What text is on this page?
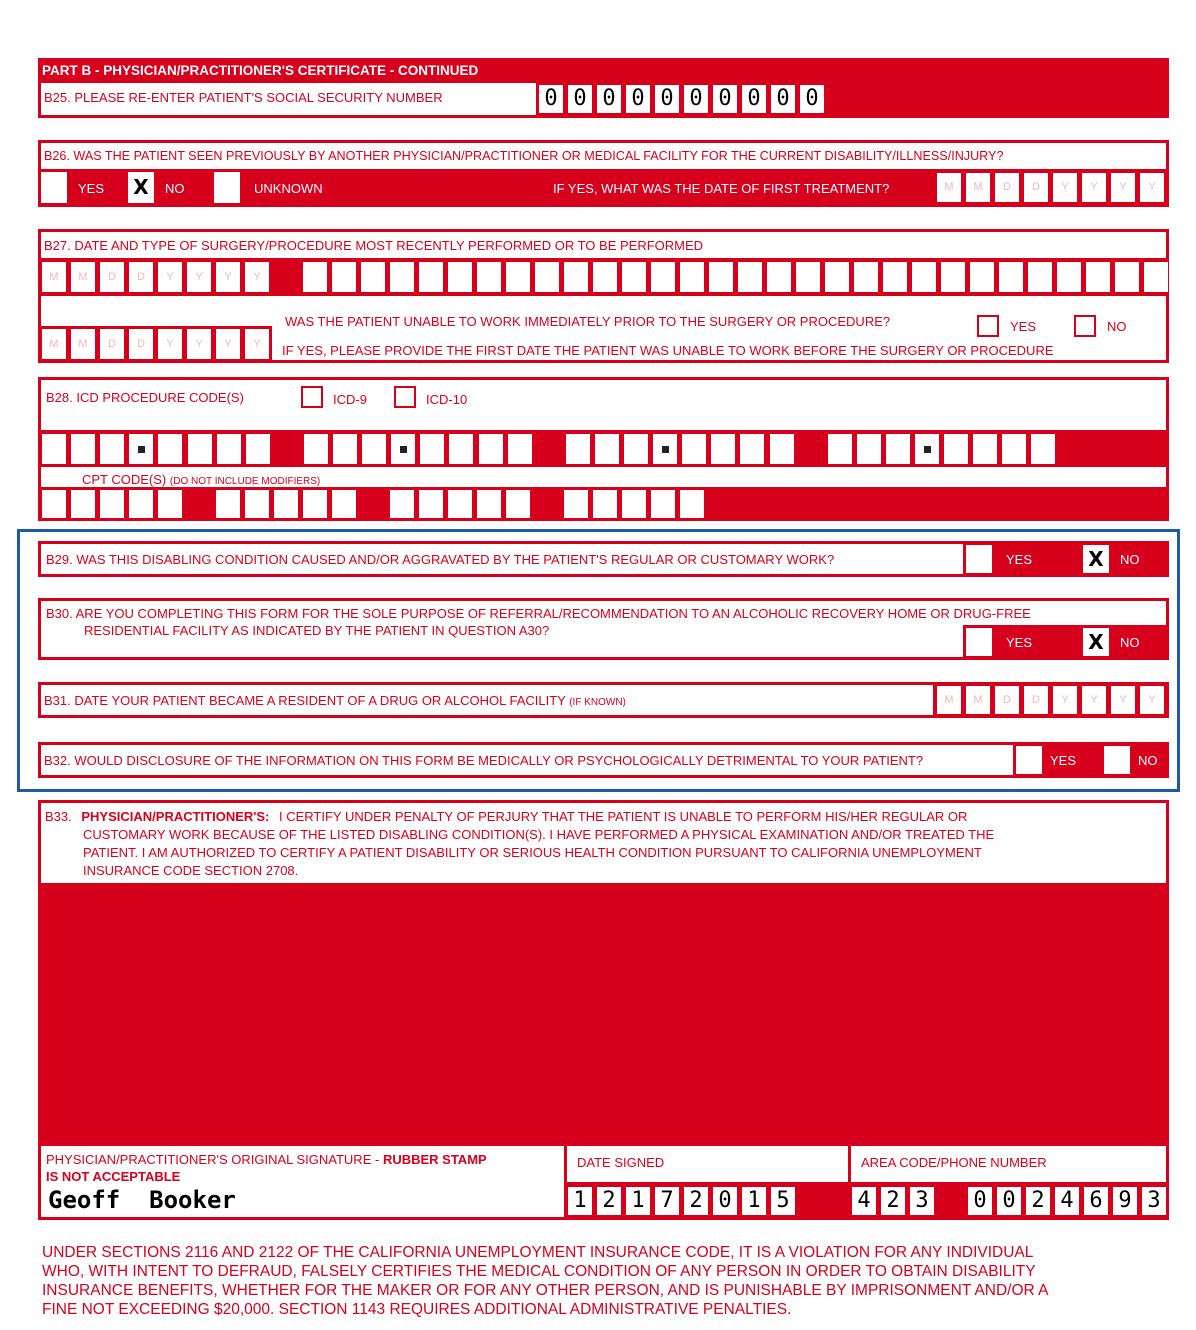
PART B - PHYSICIAN/PRACTITIONER'S CERTIFICATE - CONTINUED
B25. PLEASE RE-ENTER PATIENT'S SOCIAL SECURITY NUMBER	0 0 0 0 0 0 0 0 0 0
B26. WAS THE PATIENT SEEN PREVIOUSLY BY ANOTHER PHYSICIAN/PRACTITIONER OR MEDICAL FACILITY FOR THE CURRENT DISABILITY/ILLNESS/INJURY?
YES X	NO	UNKNOWN	IF YES, WHAT WAS THE DATE OF FIRST TREATMENT?	M	M	D	D	Y	Y	Y	Y
B27. DATE AND TYPE OF SURGERY/PROCEDURE MOST RECENTLY PERFORMED OR TO BE PERFORMED
M	M	D	D	Y	Y	Y	Y
WAS THE PATIENT UNABLE TO WORK IMMEDIATELY PRIOR TO THE SURGERY OR PROCEDURE?	YES	NO
M	M	D	D	Y	Y	Y	Y	IF YES, PLEASE PROVIDE THE FIRST DATE THE PATIENT WAS UNABLE TO WORK BEFORE THE SURGERY OR PROCEDURE
B28. ICD PROCEDURE CODE(S)	ICD-9	ICD-10
CPT CODE(S) (DO NOT INCLUDE MODIFIERS)
B29. WAS THIS DISABLING CONDITION CAUSED AND/OR AGGRAVATED BY THE PATIENT'S REGULAR OR CUSTOMARY WORK?	YES	X	NO
B30. ARE YOU COMPLETING THIS FORM FOR THE SOLE PURPOSE OF REFERRAL/RECOMMENDATION TO AN ALCOHOLIC RECOVERY HOME OR DRUG-FREE
RESIDENTIAL FACILITY AS INDICATED BY THE PATIENT IN QUESTION A30?
YES	X	NO
B31. DATE YOUR PATIENT BECAME A RESIDENT OF A DRUG OR ALCOHOL FACILITY (IF KNOWN)	M	M	D	D	Y	Y	Y	Y
B32. WOULD DISCLOSURE OF THE INFORMATION ON THIS FORM BE MEDICALLY OR PSYCHOLOGICALLY DETRIMENTAL TO YOUR PATIENT?	YES	NO
B33. PHYSICIAN/PRACTITIONER'S: I CERTIFY UNDER PENALTY OF PERJURY THAT THE PATIENT IS UNABLE TO PERFORM HIS/HER REGULAR OR
CUSTOMARY WORK BECAUSE OF THE LISTED DISABLING CONDITION(S). I HAVE PERFORMED A PHYSICAL EXAMINATION AND/OR TREATED THE
PATIENT. I AM AUTHORIZED TO CERTIFY A PATIENT DISABILITY OR SERIOUS HEALTH CONDITION PURSUANT TO CALIFORNIA UNEMPLOYMENT
INSURANCE CODE SECTION 2708.
PHYSICIAN/PRACTITIONER'S ORIGINAL SIGNATURE - RUBBER STAMP
IS NOT ACCEPTABLE
Geoff  Booker
DATE SIGNED
1 2 1 7 2 0 1 5
AREA CODE/PHONE NUMBER
4 2 3 0 0 2 4 6 9 3
UNDER SECTIONS 2116 AND 2122 OF THE CALIFORNIA UNEMPLOYMENT INSURANCE CODE, IT IS A VIOLATION FOR ANY INDIVIDUAL
WHO, WITH INTENT TO DEFRAUD, FALSELY CERTIFIES THE MEDICAL CONDITION OF ANY PERSON IN ORDER TO OBTAIN DISABILITY
INSURANCE BENEFITS, WHETHER FOR THE MAKER OR FOR ANY OTHER PERSON, AND IS PUNISHABLE BY IMPRISONMENT AND/OR A
FINE NOT EXCEEDING $20,000. SECTION 1143 REQUIRES ADDITIONAL ADMINISTRATIVE PENALTIES.
